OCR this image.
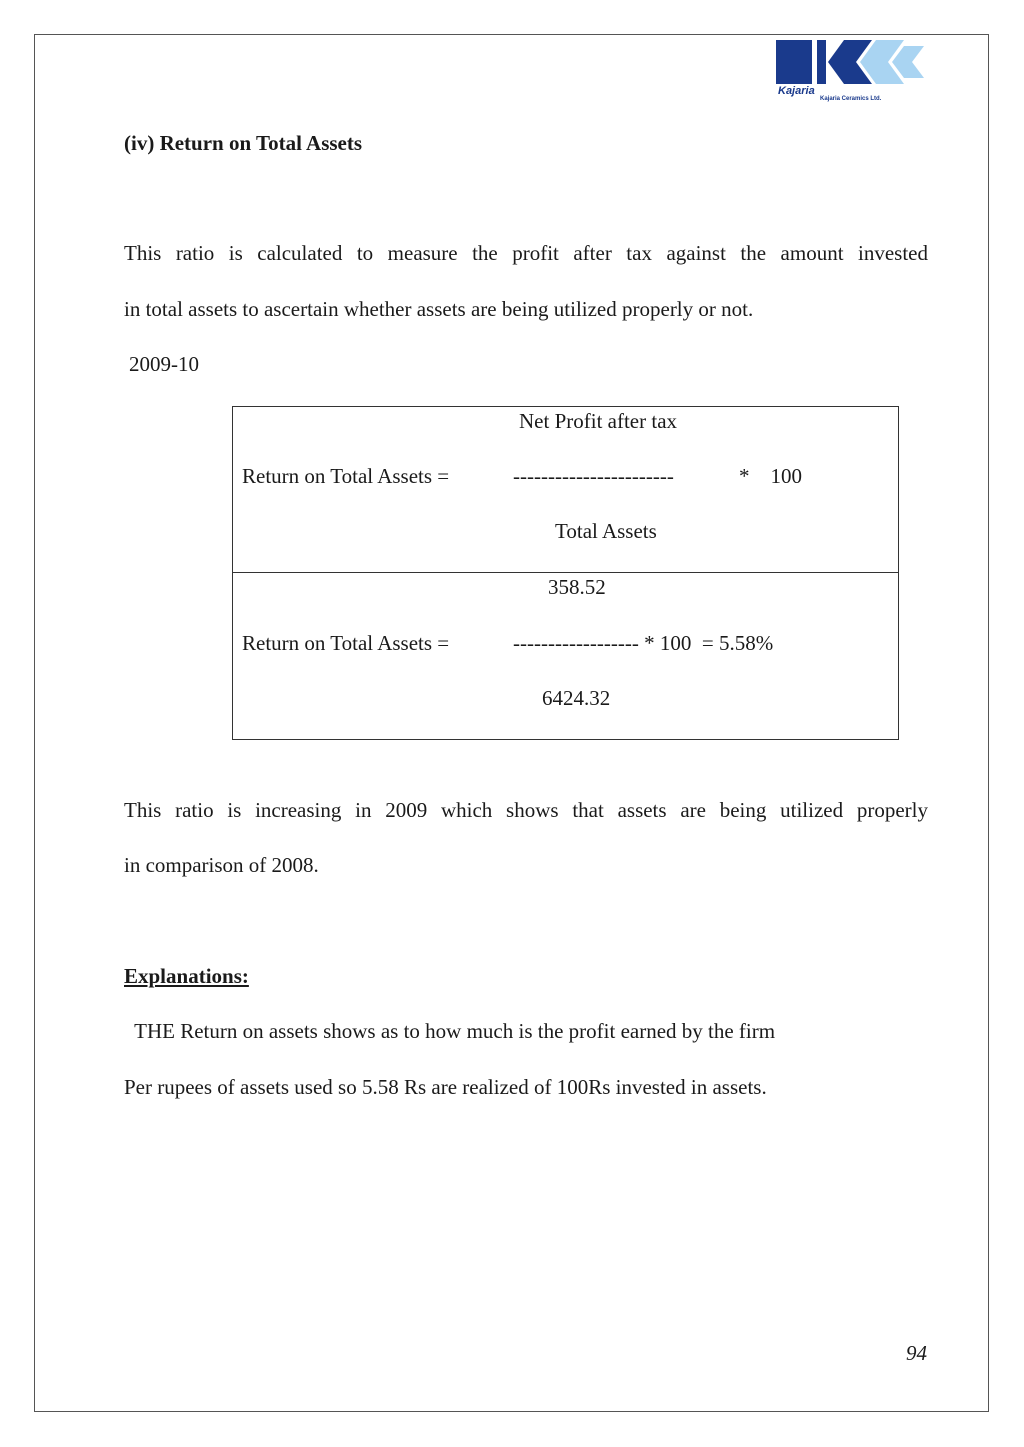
Kajaria
Kajaria Ceramics Ltd.
(iv) Return on Total Assets
This ratio is calculated to measure the profit after tax against the amount invested
in total assets to ascertain whether assets are being utilized properly or not.
2009-10
Net Profit after tax
Return on Total Assets =	-----------------------	*    100
Total Assets
358.52
Return on Total Assets =	------------------ * 100  = 5.58%
6424.32
This ratio is increasing in 2009 which shows that assets are being utilized properly
in comparison of 2008.
Explanations:
THE Return on assets shows as to how much is the profit earned by the firm
Per rupees of assets used so 5.58 Rs are realized of 100Rs invested in assets.
94
